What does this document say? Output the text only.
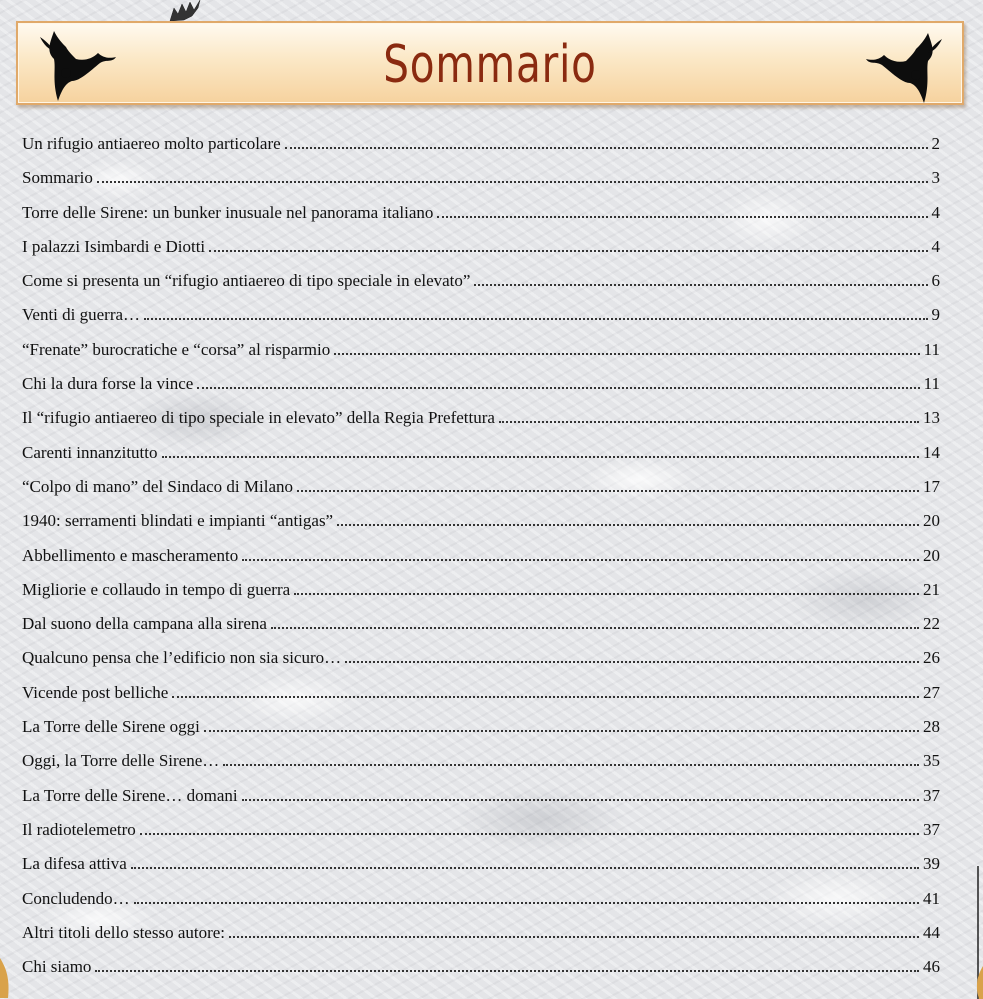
Sommario
Un rifugio antiaereo molto particolare	2
Sommario	3
Torre delle Sirene: un bunker inusuale nel panorama italiano	4
I palazzi Isimbardi e Diotti	4
Come si presenta un “rifugio antiaereo di tipo speciale in elevato”	6
Venti di guerra…	9
“Frenate” burocratiche e “corsa” al risparmio	11
Chi la dura forse la vince	11
Il “rifugio antiaereo di tipo speciale in elevato” della Regia Prefettura	13
Carenti innanzitutto	14
“Colpo di mano” del Sindaco di Milano	17
1940: serramenti blindati e impianti “antigas”	20
Abbellimento e mascheramento	20
Migliorie e collaudo in tempo di guerra	21
Dal suono della campana alla sirena	22
Qualcuno pensa che l’edificio non sia sicuro…	26
Vicende post belliche	27
La Torre delle Sirene oggi	28
Oggi, la Torre delle Sirene…	35
La Torre delle Sirene… domani	37
Il radiotelemetro	37
La difesa attiva	39
Concludendo…	41
Altri titoli dello stesso autore:	44
Chi siamo	46
